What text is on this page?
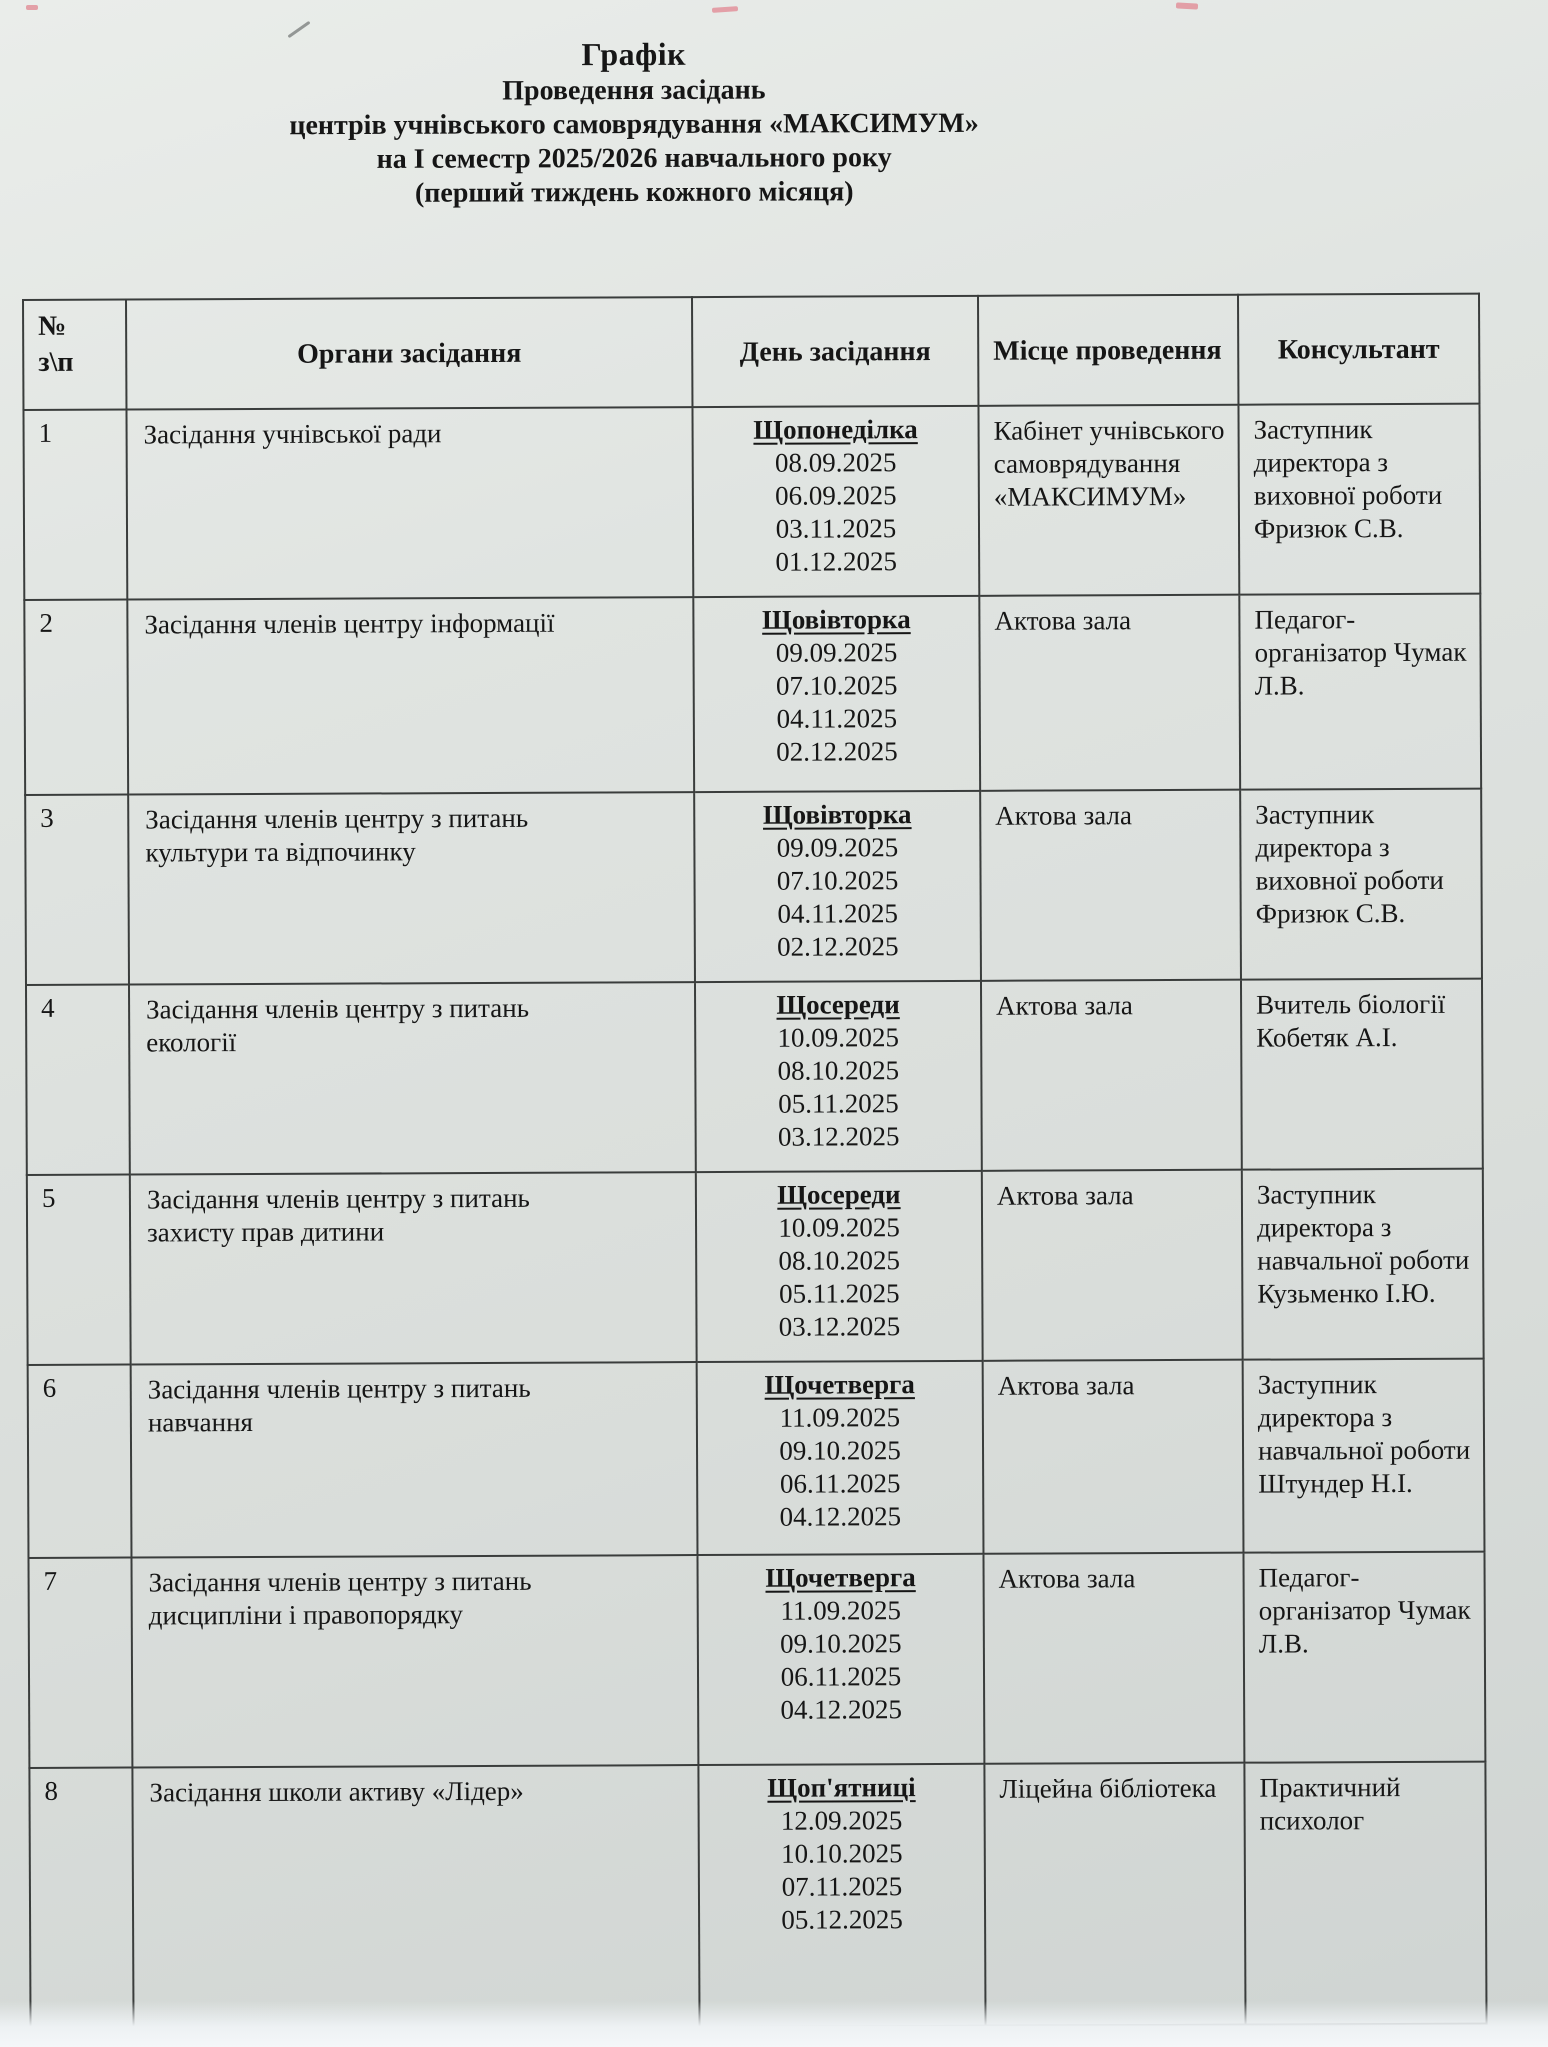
Графік
Проведення засідань
центрів учнівського самоврядування «МАКСИМУМ»
на І семестр 2025/2026 навчального року
(перший тиждень кожного місяця)
№
з\п	Органи засідання	День засідання	Місце проведення	Консультант
1	Засідання учнівської ради	Щопонеділка
08.09.2025
06.09.2025
03.11.2025
01.12.2025	Кабінет учнівського самоврядування «МАКСИМУМ»	Заступник директора з виховної роботи Фризюк С.В.
2	Засідання членів центру інформації	Щовівторка
09.09.2025
07.10.2025
04.11.2025
02.12.2025	Актова зала	Педагог-організатор Чумак Л.В.
3	Засідання членів центру з питань культури та відпочинку	Щовівторка
09.09.2025
07.10.2025
04.11.2025
02.12.2025	Актова зала	Заступник директора з виховної роботи Фризюк С.В.
4	Засідання членів центру з питань екології	Щосереди
10.09.2025
08.10.2025
05.11.2025
03.12.2025	Актова зала	Вчитель біології Кобетяк А.І.
5	Засідання членів центру з питань захисту прав дитини	Щосереди
10.09.2025
08.10.2025
05.11.2025
03.12.2025	Актова зала	Заступник директора з навчальної роботи Кузьменко І.Ю.
6	Засідання членів центру з питань навчання	Щочетверга
11.09.2025
09.10.2025
06.11.2025
04.12.2025	Актова зала	Заступник директора з навчальної роботи Штундер Н.І.
7	Засідання членів центру з питань дисципліни і правопорядку	Щочетверга
11.09.2025
09.10.2025
06.11.2025
04.12.2025	Актова зала	Педагог-організатор Чумак Л.В.
8	Засідання школи активу «Лідер»	Щоп'ятниці
12.09.2025
10.10.2025
07.11.2025
05.12.2025	Ліцейна бібліотека	Практичний психолог
